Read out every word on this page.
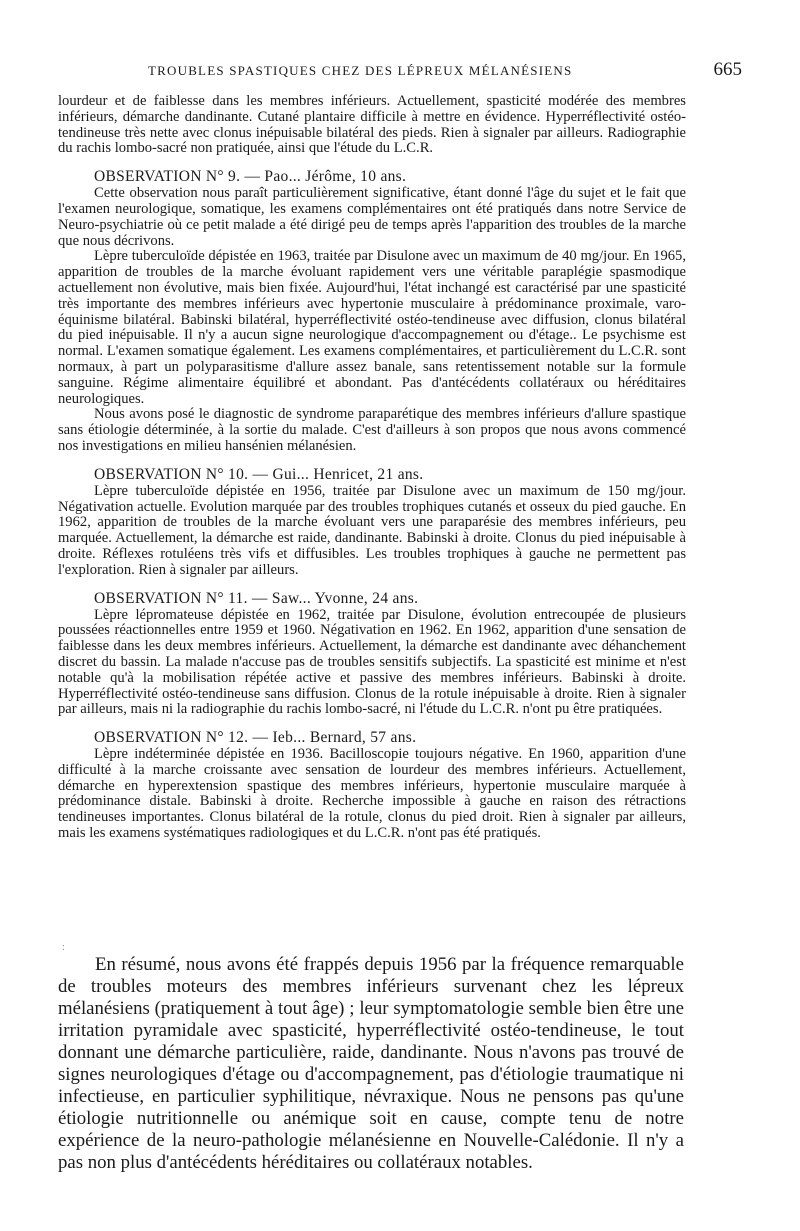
TROUBLES SPASTIQUES CHEZ DES LÉPREUX MÉLANÉSIENS	665

lourdeur et de faiblesse dans les membres inférieurs. Actuellement, spasticité modérée des membres inférieurs, démarche dandinante. Cutané plantaire difficile à mettre en évidence. Hyperréflectivité ostéo-tendineuse très nette avec clonus inépuisable bilatéral des pieds. Rien à signaler par ailleurs. Radiographie du rachis lombo-sacré non pratiquée, ainsi que l'étude du L.C.R.

OBSERVATION N° 9. — Pao... Jérôme, 10 ans.

Cette observation nous paraît particulièrement significative, étant donné l'âge du sujet et le fait que l'examen neurologique, somatique, les examens complémentaires ont été pratiqués dans notre Service de Neuro-psychiatrie où ce petit malade a été dirigé peu de temps après l'apparition des troubles de la marche que nous décrivons.

Lèpre tuberculoïde dépistée en 1963, traitée par Disulone avec un maximum de 40 mg/jour. En 1965, apparition de troubles de la marche évoluant rapidement vers une véritable paraplégie spasmodique actuellement non évolutive, mais bien fixée. Aujourd'hui, l'état inchangé est caractérisé par une spasticité très importante des membres inférieurs avec hypertonie musculaire à prédominance proximale, varo-équinisme bilatéral. Babinski bilatéral, hyperréflectivité ostéo-tendineuse avec diffusion, clonus bilatéral du pied inépuisable. Il n'y a aucun signe neurologique d'accompagnement ou d'étage.. Le psychisme est normal. L'examen somatique également. Les examens complémentaires, et particulièrement du L.C.R. sont normaux, à part un polyparasitisme d'allure assez banale, sans retentissement notable sur la formule sanguine. Régime alimentaire équilibré et abondant. Pas d'antécédents collatéraux ou héréditaires neurologiques.

Nous avons posé le diagnostic de syndrome paraparétique des membres inférieurs d'allure spastique sans étiologie déterminée, à la sortie du malade. C'est d'ailleurs à son propos que nous avons commencé nos investigations en milieu hansénien mélanésien.

OBSERVATION N° 10. — Gui... Henricet, 21 ans.

Lèpre tuberculoïde dépistée en 1956, traitée par Disulone avec un maximum de 150 mg/jour. Négativation actuelle. Evolution marquée par des troubles trophiques cutanés et osseux du pied gauche. En 1962, apparition de troubles de la marche évoluant vers une paraparésie des membres inférieurs, peu marquée. Actuellement, la démarche est raide, dandinante. Babinski à droite. Clonus du pied inépuisable à droite. Réflexes rotuléens très vifs et diffusibles. Les troubles trophiques à gauche ne permettent pas l'exploration. Rien à signaler par ailleurs.

OBSERVATION N° 11. — Saw... Yvonne, 24 ans.

Lèpre lépromateuse dépistée en 1962, traitée par Disulone, évolution entrecoupée de plusieurs poussées réactionnelles entre 1959 et 1960. Négativation en 1962. En 1962, apparition d'une sensation de faiblesse dans les deux membres inférieurs. Actuellement, la démarche est dandinante avec déhanchement discret du bassin. La malade n'accuse pas de troubles sensitifs subjectifs. La spasticité est minime et n'est notable qu'à la mobilisation répétée active et passive des membres inférieurs. Babinski à droite. Hyperréflectivité ostéo-tendineuse sans diffusion. Clonus de la rotule inépuisable à droite. Rien à signaler par ailleurs, mais ni la radiographie du rachis lombo-sacré, ni l'étude du L.C.R. n'ont pu être pratiquées.

OBSERVATION N° 12. — Ieb... Bernard, 57 ans.

Lèpre indéterminée dépistée en 1936. Bacilloscopie toujours négative. En 1960, apparition d'une difficulté à la marche croissante avec sensation de lourdeur des membres inférieurs. Actuellement, démarche en hyperextension spastique des membres inférieurs, hypertonie musculaire marquée à prédominance distale. Babinski à droite. Recherche impossible à gauche en raison des rétractions tendineuses importantes. Clonus bilatéral de la rotule, clonus du pied droit. Rien à signaler par ailleurs, mais les examens systématiques radiologiques et du L.C.R. n'ont pas été pratiqués.

:

En résumé, nous avons été frappés depuis 1956 par la fréquence remarquable de troubles moteurs des membres inférieurs survenant chez les lépreux mélanésiens (pratiquement à tout âge) ; leur symptomatologie semble bien être une irritation pyramidale avec spasticité, hyperréflectivité ostéo-tendineuse, le tout donnant une démarche particulière, raide, dandinante. Nous n'avons pas trouvé de signes neurologiques d'étage ou d'accompagnement, pas d'étiologie traumatique ni infectieuse, en particulier syphilitique, névraxique. Nous ne pensons pas qu'une étiologie nutritionnelle ou anémique soit en cause, compte tenu de notre expérience de la neuro-pathologie mélanésienne en Nouvelle-Calédonie. Il n'y a pas non plus d'antécédents héréditaires ou collatéraux notables.
